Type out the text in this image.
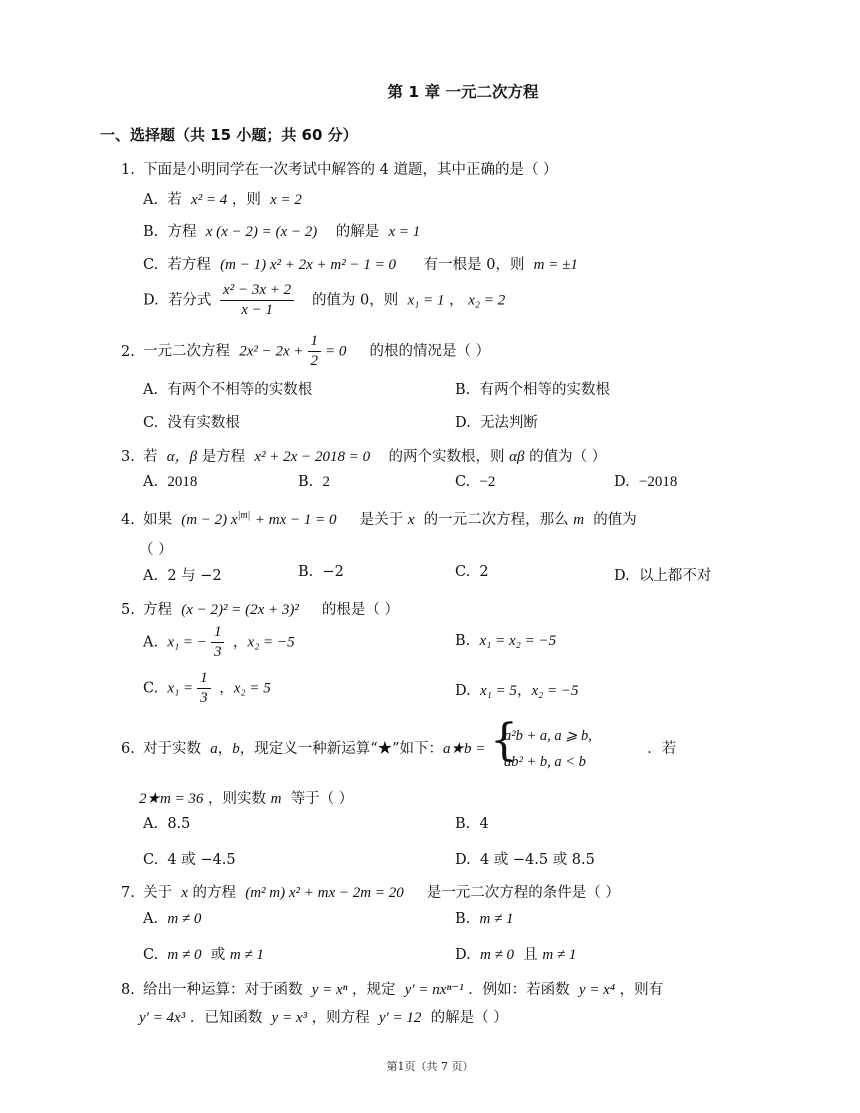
第 1 章 一元二次方程
一、选择题（共 15 小题；共 60 分）
1. 下面是小明同学在一次考试中解答的 4 道题，其中正确的是（ ）
A. 若 x² = 4 ，则 x = 2
B. 方程 x (x − 2) = (x − 2) 的解是 x = 1
C. 若方程 (m − 1) x² + 2x + m² − 1 = 0 有一根是 0，则 m = ±1
D. 若分式 $\frac{\text{x² − 3x + 2}}{x - 1}$ 的值为 0，则 x₁ = 1 ， x₂ = 2
2. 一元二次方程 $2x^2 - 2x + \frac{1}{2} = 0$ 的根的情况是（ ）
A. 有两个不相等的实数根	B. 有两个相等的实数根
C. 没有实数根	D. 无法判断
3. 若 α，β 是方程 x² + 2x − 2018 = 0 的两个实数根，则 αβ 的值为（ ）
A. 2018	B. 2	C. −2	D. −2018
4. 如果 (m − 2) $x^{|m|}$ + mx − 1 = 0 是关于 x 的一元二次方程，那么 m 的值为
（ ）
A. 2 与 −2	B. −2	C. 2	D. 以上都不对
5. 方程 (x − 2)² = (2x + 3)² 的根是（ ）
A. x₁ = − $\frac{1}{3}$ ，x₂ = −5	B. x₁ = x₂ = −5
C. $x_1 = \frac{1}{3}$ ，x₂ = 5	D. x₁ = 5，x₂ = −5
6. 对于实数 a，b，现定义一种新运算“★”如下：a★b = {
a²b + a, a ⩾ b,
ab² + b, a < b
．若
2★m = 36 ，则实数 m 等于（ ）
A. 8.5	B. 4
C. 4 或 −4.5	D. 4 或 −4.5 或 8.5
7. 关于 x 的方程 (m² m) x² + mx − 2m = 20 是一元二次方程的条件是（ ）
A. m ≠ 0	B. m ≠ 1
C. m ≠ 0 或 m ≠ 1	D. m ≠ 0 且 m ≠ 1
8. 给出一种运算：对于函数 y = xⁿ ，规定 y′ = nxⁿ⁻¹ ．例如：若函数 y = x⁴ ，则有
y′ = 4x³ ．已知函数 y = x³ ，则方程 y′ = 12 的解是（ ）
第1页（共 7 页）
